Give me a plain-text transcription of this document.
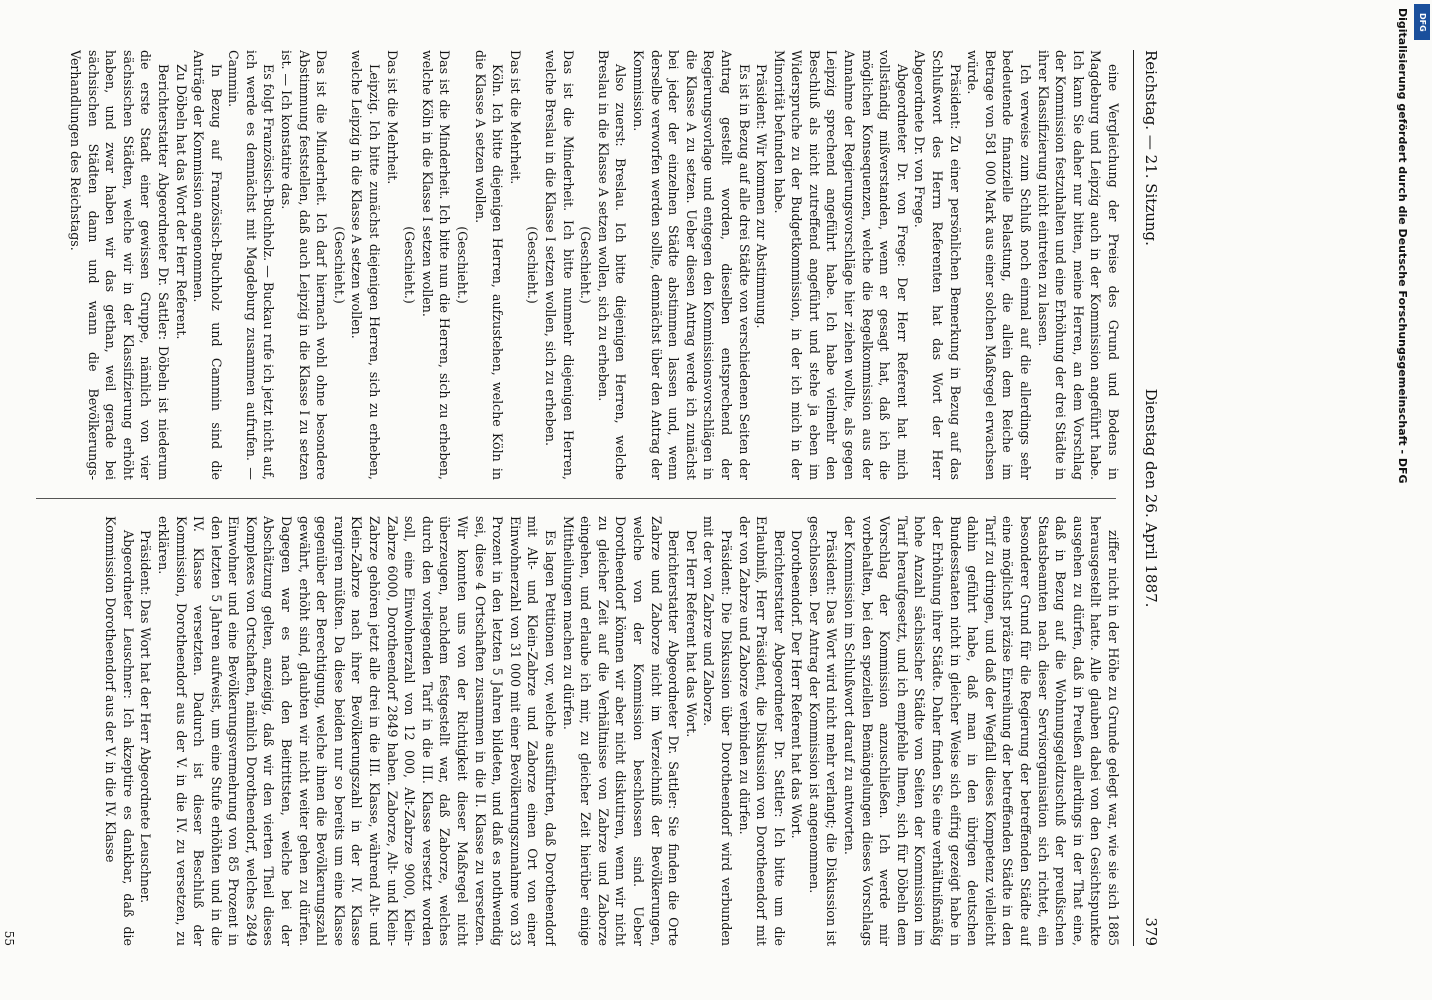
Reichstag. — 21. Sitzung.
Dienstag den 26. April 1887.
379

eine Vergleichung der Preise des Grund und Bodens in Magdeburg und Leipzig auch in der Kommission angeführt habe. Ich kann Sie daher nur bitten, meine Herren, an dem Vorschlag der Kommission festzuhalten und eine Erhöhung der drei Städte in ihrer Klassifizierung nicht eintreten zu lassen.

Ich verweise zum Schluß noch einmal auf die allerdings sehr bedeutende finanzielle Belastung, die allein dem Reiche im Betrage von 581 000 Mark aus einer solchen Maßregel erwachsen würde.

Präsident: Zu einer persönlichen Bemerkung in Bezug auf das Schlußwort des Herrn Referenten hat das Wort der Herr Abgeordnete Dr. von Frege.

Abgeordneter Dr. von Frege: Der Herr Referent hat mich vollständig mißverstanden, wenn er gesagt hat, daß ich die möglichen Konsequenzen, welche die Regelkommission aus der Annahme der Regierungsvorschläge hier ziehen wollte, als gegen Leipzig sprechend angeführt habe. Ich habe vielmehr den Beschluß als nicht zutreffend angeführt und stehe ja eben im Widerspruche zu der Budgetkommission, in der ich mich in der Minorität befunden habe.

Präsident: Wir kommen zur Abstimmung.

Es ist in Bezug auf alle drei Städte von verschiedenen Seiten der Antrag gestellt worden, dieselben entsprechend der Regierungsvorlage und entgegen den Kommissionsvorschlägen in die Klasse A zu setzen. Ueber diesen Antrag werde ich zunächst bei jeder der einzelnen Städte abstimmen lassen und, wenn derselbe verworfen werden sollte, demnächst über den Antrag der Kommission.

Also zuerst: Breslau. Ich bitte diejenigen Herren, welche Breslau in die Klasse A setzen wollen, sich zu erheben.

(Geschieht.)

Das ist die Minderheit. Ich bitte nunmehr diejenigen Herren, welche Breslau in die Klasse I setzen wollen, sich zu erheben.

(Geschieht.)

Das ist die Mehrheit.

Köln. Ich bitte diejenigen Herren, aufzustehen, welche Köln in die Klasse A setzen wollen.

(Geschieht.)

Das ist die Minderheit. Ich bitte nun die Herren, sich zu erheben, welche Köln in die Klasse I setzen wollen.

(Geschieht.)

Das ist die Mehrheit.

Leipzig. Ich bitte zunächst diejenigen Herren, sich zu erheben, welche Leipzig in die Klasse A setzen wollen.

(Geschieht.)

Das ist die Minderheit. Ich darf hiernach wohl ohne besondere Abstimmung feststellen, daß auch Leipzig in die Klasse I zu setzen ist. — Ich konstatire das.

Es folgt Französisch-Buchholz. — Buckau rufe ich jetzt nicht auf, ich werde es demnächst mit Magdeburg zusammen aufrufen. — Cammin.

In Bezug auf Französisch-Buchholz und Cammin sind die Anträge der Kommission angenommen.

Zu Döbeln hat das Wort der Herr Referent.

Berichterstatter Abgeordneter Dr. Sattler: Döbeln ist niederum die erste Stadt einer gewissen Gruppe, nämlich von vier sächsischen Städten, welche wir in der Klassifizierung erhöht haben, und zwar haben wir das gethan, weil gerade bei sächsischen Städten dann und wann die Bevölkerungs-Verhandlungen des Reichstags.

ziffer nicht in der Höhe zu Grunde gelegt war, wie sie sich 1885 herausgestellt hatte. Alle glauben dabei von den Gesichtspunkte ausgehen zu dürfen, daß in Preußen allerdings in der That eine, daß in Bezug auf die Wohnungsgeldzuschuß der preußischen Staatsbeamten nach dieser Servisorganisation sich richtet, ein besonderer Grund für die Regierung der betreffenden Städte auf eine möglichst präzise Einreihung der betreffenden Städte in den Tarif zu dringen, und daß der Wegfall dieses Kompetenz vielleicht dahin geführt habe, daß man in den übrigen deutschen Bundesstaaten nicht in gleicher Weise sich eifrig gezeigt habe in der Erhöhung ihrer Städte. Daher finden Sie eine verhältnißmäßig hohe Anzahl sächsischer Städte von Seiten der Kommission im Tarif heraufgesetzt, und ich empfehle Ihnen, sich für Döbeln dem Vorschlag der Kommission anzuschließen. Ich werde mir vorbehalten, bei den speziellen Bemängelungen dieses Vorschlags der Kommission im Schlußwort darauf zu antworten.

Präsident: Das Wort wird nicht mehr verlangt; die Diskussion ist geschlossen. Der Antrag der Kommission ist angenommen.

Dorotheendorf. Der Herr Referent hat das Wort.

Berichterstatter Abgeordneter Dr. Sattler: Ich bitte um die Erlaubniß, Herr Präsident, die Diskussion von Dorotheendorf mit der von Zabrze und Zaborze verbinden zu dürfen.

Präsident: Die Diskussion über Dorotheendorf wird verbunden mit der von Zabrze und Zaborze.

Der Herr Referent hat das Wort.

Berichterstatter Abgeordneter Dr. Sattler: Sie finden die Orte Zabrze und Zaborze nicht im Verzeichniß der Bevölkerungen, welche von der Kommission beschlossen sind. Ueber Dorotheendorf können wir aber nicht diskutiren, wenn wir nicht zu gleicher Zeit auf die Verhältnisse von Zabrze und Zaborze eingehen, und erlaube ich mir, zu gleicher Zeit hierüber einige Mittheilungen machen zu dürfen.

Es lagen Petitionen vor, welche ausführten, daß Dorotheendorf mit Alt- und Klein-Zabrze und Zaborze einen Ort von einer Einwohnerzahl von 31 000 mit einer Bevölkerungszunahme von 33 Prozent in den letzten 5 Jahren bildeten, und daß es nothwendig sei, diese 4 Ortschaften zusammen in die II. Klasse zu versetzen. Wir konnten uns von der Richtigkeit dieser Maßregel nicht überzeugen, nachdem festgestellt war, daß Zaborze, welches durch den vorliegenden Tarif in die III. Klasse versetzt worden soll, eine Einwohnerzahl von 12 000, Alt-Zabrze 9000, Klein-Zabrze 6000, Dorotheendorf 2849 haben. Zaborze, Alt- und Klein-Zabrze gehören jetzt alle drei in die III. Klasse, während Alt- und Klein-Zabrze nach ihrer Bevölkerungszahl in der IV. Klasse rangiren müßten. Da diese beiden nur so bereits um eine Klasse gegenüber der Berechtigung, welche ihnen die Bevölkerungszahl gewährt, erhöht sind, glaubten wir nicht weiter gehen zu dürfen. Dagegen war es nach den Beitrittsten, welche bei der Abschätzung gelten, anzeigig, daß wir den vierten Theil dieses Komplexes von Ortschaften, nämlich Dorotheendorf, welches 2849 Einwohner und eine Bevölkerungsvermehrung von 85 Prozent in den letzten 5 Jahren aufweist, um eine Stufe erhöhten und in die IV. Klasse versetzten. Dadurch ist dieser Beschluß der Kommission, Dorotheendorf aus der V. in die IV. zu versetzen, zu erklären.

Präsident: Das Wort hat der Herr Abgeordnete Leuschner.

Abgeordneter Leuschner: Ich akzeptire es dankbar, daß die Kommission Dorotheendorf aus der V. in die IV. Klasse

55
Digitalisierung gefördert durch die Deutsche Forschungsgemeinschaft - DFG	DFG
